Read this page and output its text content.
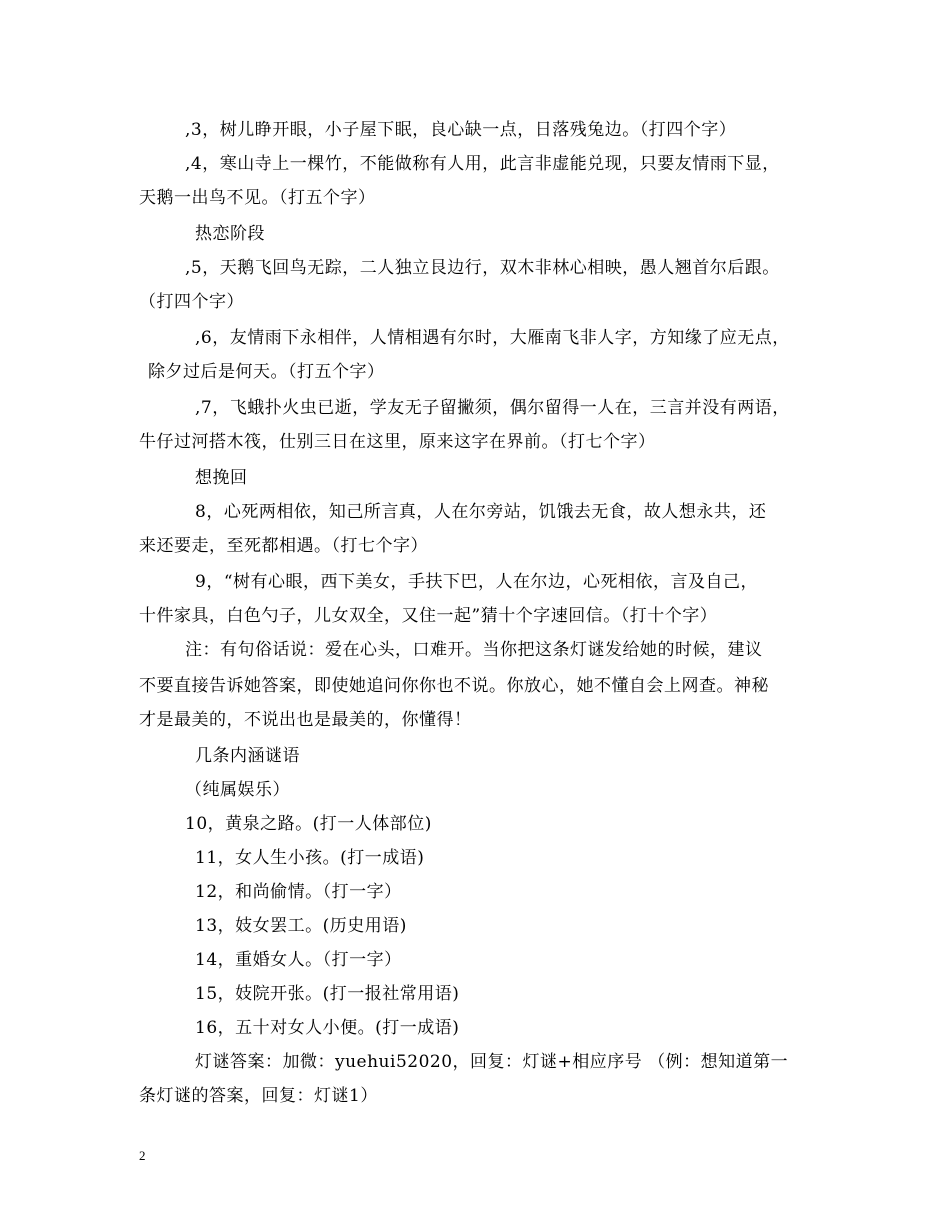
,3，树儿睁开眼，小子屋下眠，良心缺一点，日落残兔边。（打四个字）
,4，寒山寺上一棵竹，不能做称有人用，此言非虚能兑现，只要友情雨下显，
天鹅一出鸟不见。（打五个字）
热恋阶段
,5，天鹅飞回鸟无踪，二人独立艮边行，双木非林心相映，愚人翘首尔后跟。
（打四个字）
,6，友情雨下永相伴，人情相遇有尔时，大雁南飞非人字，方知缘了应无点，
除夕过后是何天。（打五个字）
,7，飞蛾扑火虫已逝，学友无子留撇须，偶尔留得一人在，三言并没有两语，
牛仔过河搭木筏，仕别三日在这里，原来这字在界前。（打七个字）
想挽回
8，心死两相依，知己所言真，人在尔旁站，饥饿去无食，故人想永共，还
来还要走，至死都相遇。（打七个字）
9，“树有心眼，西下美女，手扶下巴，人在尔边，心死相依，言及自己，
十件家具，白色勺子，儿女双全，又住一起”猜十个字速回信。（打十个字）
注：有句俗话说：爱在心头，口难开。当你把这条灯谜发给她的时候，建议
不要直接告诉她答案，即使她追问你你也不说。你放心，她不懂自会上网查。神秘
才是最美的，不说出也是最美的，你懂得！
几条内涵谜语
（纯属娱乐）
10，黄泉之路。(打一人体部位)
11，女人生小孩。(打一成语)
12，和尚偷情。（打一字）
13，妓女罢工。(历史用语)
14，重婚女人。（打一字）
15，妓院开张。(打一报社常用语)
16，五十对女人小便。(打一成语)
灯谜答案：加微：yuehui52020，回复：灯谜+相应序号 （例：想知道第一
条灯谜的答案，回复：灯谜1）
2
